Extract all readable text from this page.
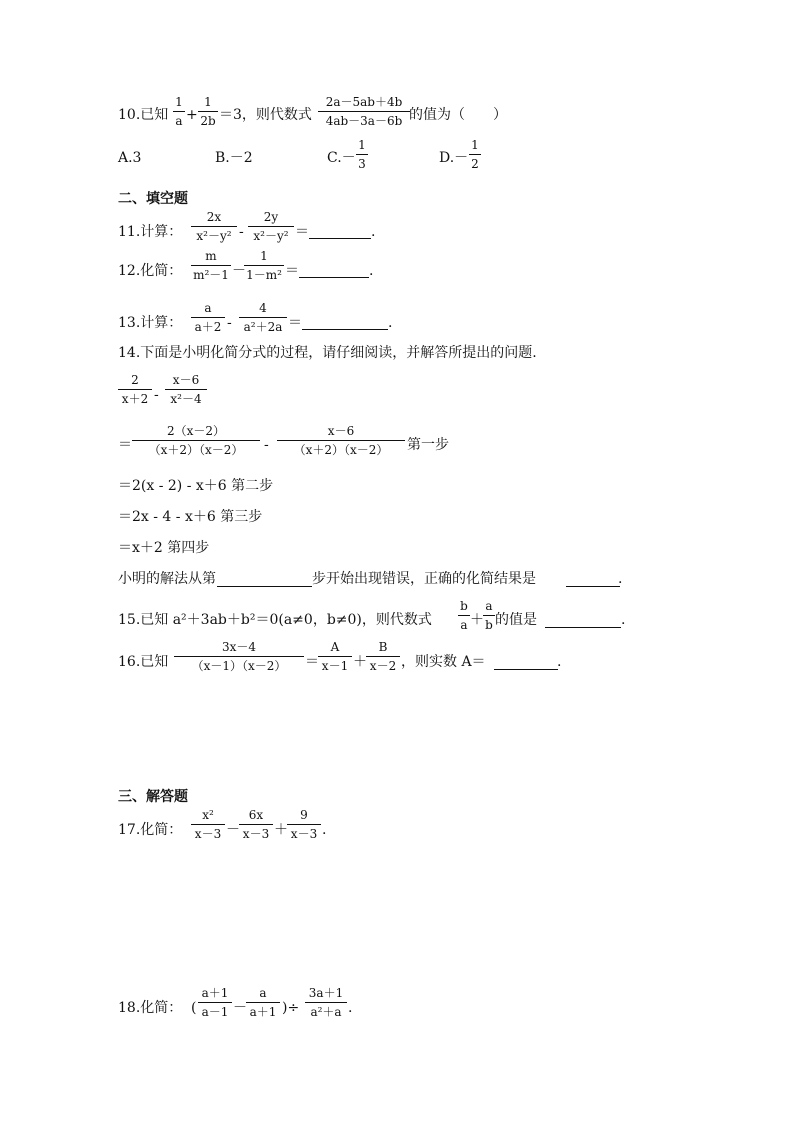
10.已知
1
a +
1
2b ＝3，则代数式
2a－5ab＋4b
4ab－3a－6b 的值为（　　）
A.3	B.－2	C.－
1
3	D.－
1
2
二、填空题
11.计算：
2x
x²－y² -
2y
x²－y² ＝	.
12.化简：
m
m²－1 －
1
1－m² ＝	.
13.计算：
a
a＋2 -
4
a²＋2a ＝	.
14.下面是小明化简分式的过程，请仔细阅读，并解答所提出的问题.
2
x＋2 -
x－6
x²－4
＝
2（x－2）
（x＋2）（x－2）	-
x－6
（x＋2）（x－2）	第一步
＝2(x - 2) - x＋6 第二步
＝2x - 4 - x＋6 第三步
＝x＋2 第四步
小明的解法从第	步开始出现错误，正确的化简结果是	.
15.已知 a²＋3ab＋b²＝0(a≠0，b≠0)，则代数式
b
a ＋
a
b 的值是	.
16.已知
3x－4
（x－1）（x－2）	＝
A
x－1 ＋
B
x－2 ，则实数 A＝	.
三、解答题
17.化简：
x²
x－3 －
6x
x－3 ＋
9
x－3 .
18.化简： (
a＋1
a－1 －
a
a＋1 )÷
3a＋1
a²＋a .
